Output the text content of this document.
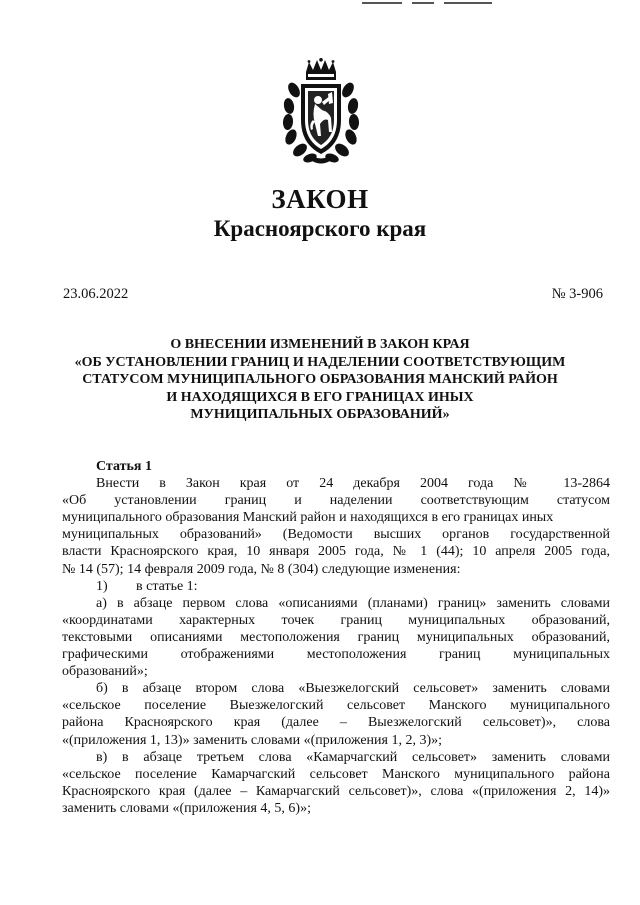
ЗАКОН
Красноярского края
23.06.2022	№ 3-906
О ВНЕСЕНИИ ИЗМЕНЕНИЙ В ЗАКОН КРАЯ
«ОБ УСТАНОВЛЕНИИ ГРАНИЦ И НАДЕЛЕНИИ СООТВЕТСТВУЮЩИМ
СТАТУСОМ МУНИЦИПАЛЬНОГО ОБРАЗОВАНИЯ МАНСКИЙ РАЙОН
И НАХОДЯЩИХСЯ В ЕГО ГРАНИЦАХ ИНЫХ
МУНИЦИПАЛЬНЫХ ОБРАЗОВАНИЙ»
Статья 1
Внести в Закон края от 24 декабря 2004 года № 13-2864
«Об установлении границ и наделении соответствующим статусом
муниципального образования Манский район и находящихся в его границах иных
муниципальных образований» (Ведомости высших органов государственной
власти Красноярского края, 10 января 2005 года, № 1 (44); 10 апреля 2005 года,
№ 14 (57); 14 февраля 2009 года, № 8 (304) следующие изменения:
1) в статье 1:
а) в абзаце первом слова «описаниями (планами) границ» заменить словами
«координатами характерных точек границ муниципальных образований,
текстовыми описаниями местоположения границ муниципальных образований,
графическими отображениями местоположения границ муниципальных
образований»;
б) в абзаце втором слова «Выезжелогский сельсовет» заменить словами
«сельское поселение Выезжелогский сельсовет Манского муниципального
района Красноярского края (далее – Выезжелогский сельсовет)», слова
«(приложения 1, 13)» заменить словами «(приложения 1, 2, 3)»;
в) в абзаце третьем слова «Камарчагский сельсовет» заменить словами
«сельское поселение Камарчагский сельсовет Манского муниципального района
Красноярского края (далее – Камарчагский сельсовет)», слова «(приложения 2, 14)»
заменить словами «(приложения 4, 5, 6)»;
